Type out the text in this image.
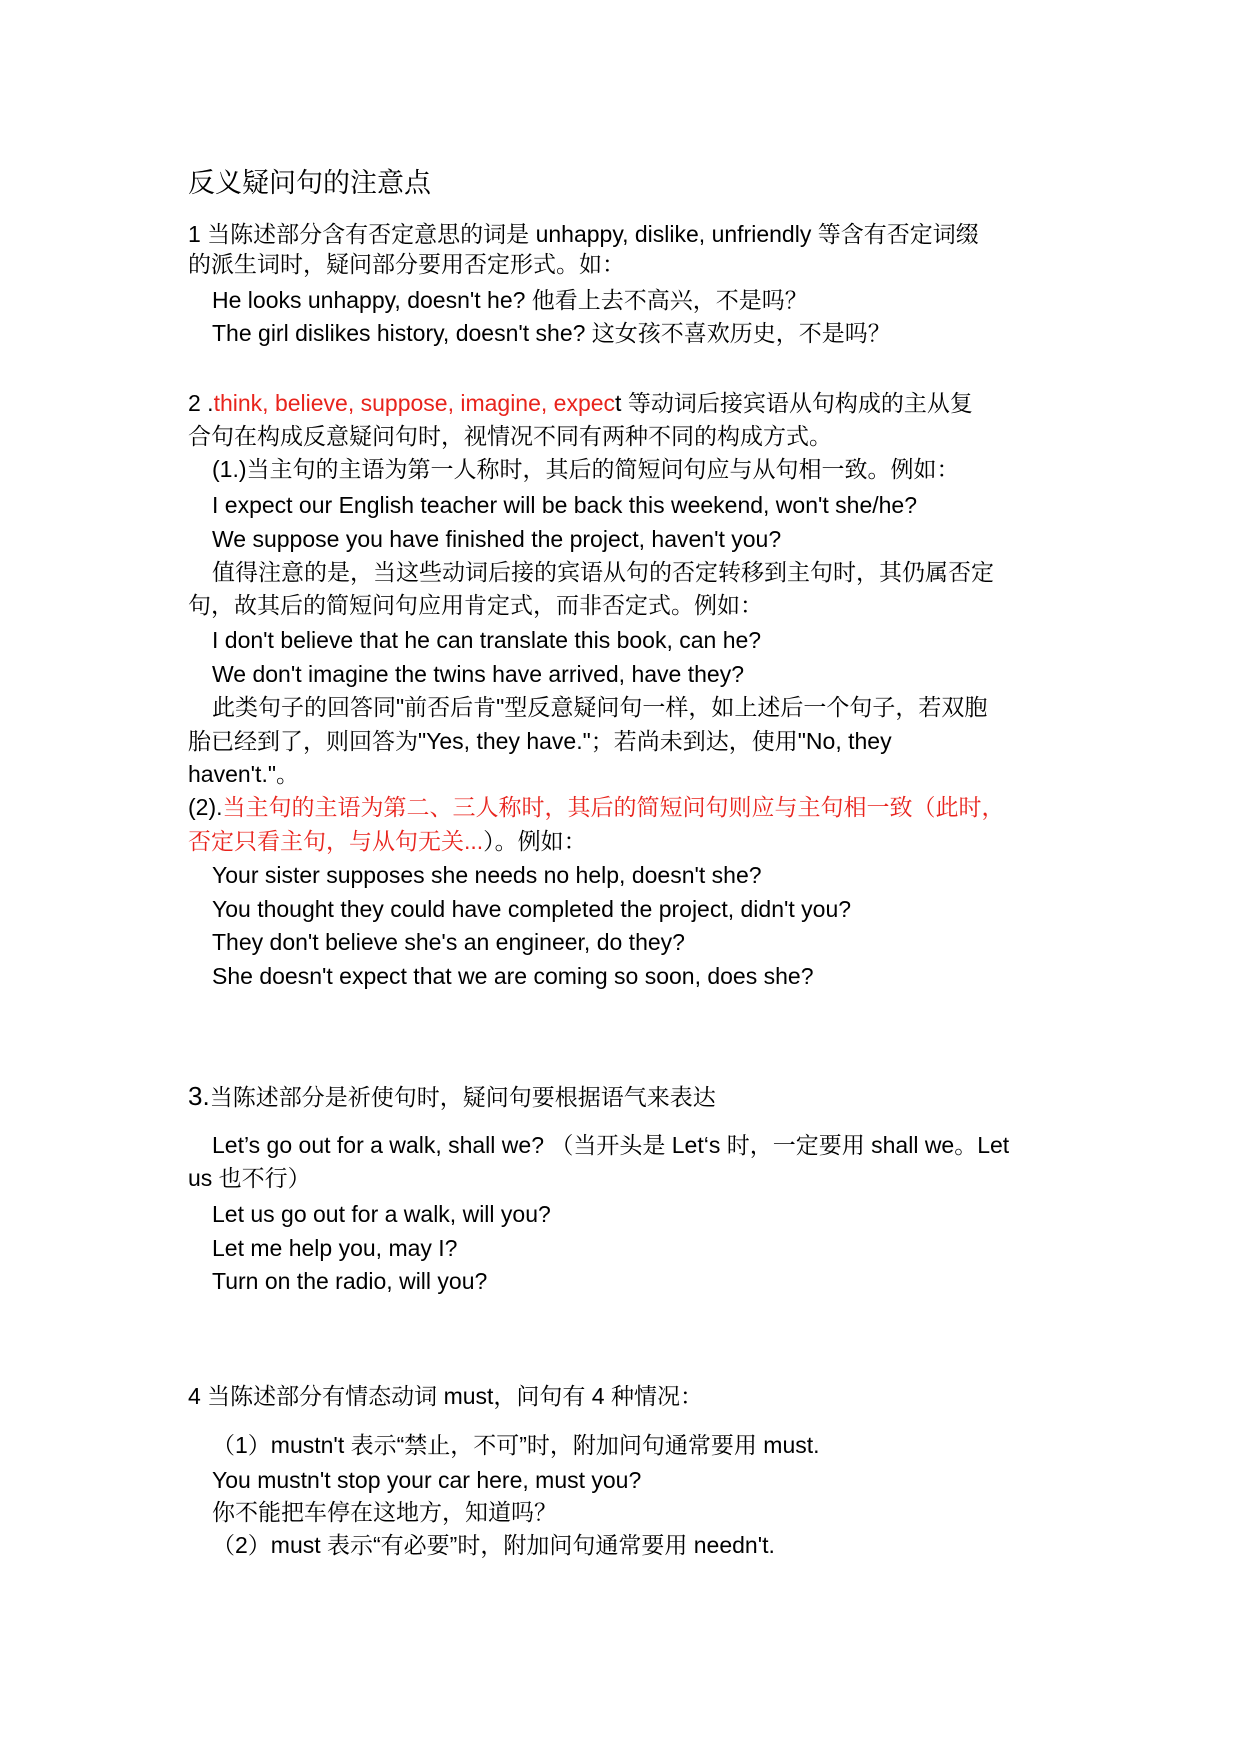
反义疑问句的注意点
1 当陈述部分含有否定意思的词是 unhappy, dislike, unfriendly 等含有否定词缀
的派生词时，疑问部分要用否定形式。如：
He looks unhappy, doesn't he? 他看上去不高兴，不是吗？
The girl dislikes history, doesn't she? 这女孩不喜欢历史，不是吗？
2 .think, believe, suppose, imagine, expect 等动词后接宾语从句构成的主从复
合句在构成反意疑问句时，视情况不同有两种不同的构成方式。
(1.)当主句的主语为第一人称时，其后的简短问句应与从句相一致。例如：
I expect our English teacher will be back this weekend, won't she/he?
We suppose you have finished the project, haven't you?
值得注意的是，当这些动词后接的宾语从句的否定转移到主句时，其仍属否定
句，故其后的简短问句应用肯定式，而非否定式。例如：
I don't believe that he can translate this book, can he?
We don't imagine the twins have arrived, have they?
此类句子的回答同"前否后肯"型反意疑问句一样，如上述后一个句子，若双胞
胎已经到了，则回答为"Yes, they have."；若尚未到达，使用"No, they
haven't."。
(2).当主句的主语为第二、三人称时，其后的简短问句则应与主句相一致（此时，
否定只看主句，与从句无关...）。例如：
Your sister supposes she needs no help, doesn't she?
You thought they could have completed the project, didn't you?
They don't believe she's an engineer, do they?
She doesn't expect that we are coming so soon, does she?
3.当陈述部分是祈使句时，疑问句要根据语气来表达
Let’s go out for a walk, shall we? （当开头是 Let‘s 时，一定要用 shall we。Let
us 也不行）
Let us go out for a walk, will you?
Let me help you, may I?
Turn on the radio, will you?
4 当陈述部分有情态动词 must，问句有 4 种情况：
（1）mustn't 表示“禁止，不可”时，附加问句通常要用 must.
You mustn't stop your car here, must you?
你不能把车停在这地方，知道吗？
（2）must 表示“有必要”时，附加问句通常要用 needn't.
